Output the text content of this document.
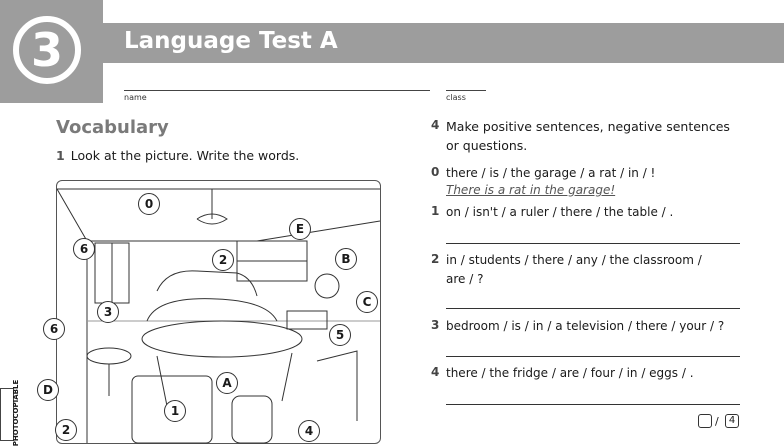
3	Language Test A
name	class
Vocabulary
1 Look at the picture. Write the words.
0
6
2
E
B
3
C
6	5
D	A
1
2	4
4 Make positive sentences, negative sentences
or questions.
0 there / is / the garage / a rat / in / !
There is a rat in the garage!
1 on / isn't / a ruler / there / the table / .
2 in / students / there / any / the classroom /
are / ?
3 bedroom / is / in / a television / there / your / ?
4 there / the fridge / are / four / in / eggs / .
/	4
PHOTOCOPIABLE
